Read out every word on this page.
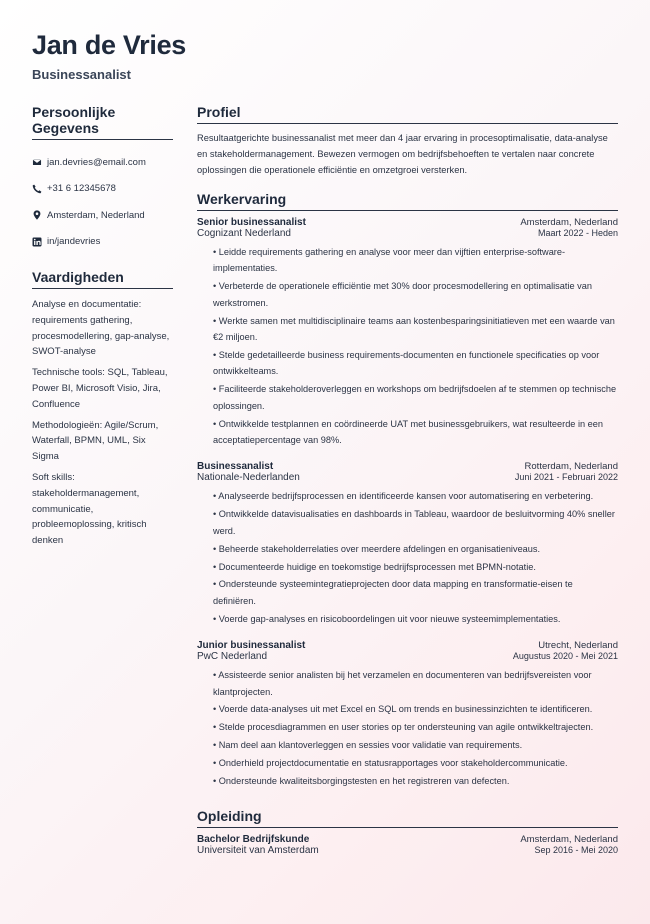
Jan de Vries
Businessanalist
Persoonlijke Gegevens
jan.devries@email.com
+31 6 12345678
Amsterdam, Nederland
in/jandevries
Vaardigheden
Analyse en documentatie: requirements gathering, procesmodellering, gap-analyse, SWOT-analyse
Technische tools: SQL, Tableau, Power BI, Microsoft Visio, Jira, Confluence
Methodologieën: Agile/Scrum, Waterfall, BPMN, UML, Six Sigma
Soft skills: stakeholdermanagement, communicatie, probleemoplossing, kritisch denken
Profiel
Resultaatgerichte businessanalist met meer dan 4 jaar ervaring in procesoptimalisatie, data-analyse en stakeholdermanagement. Bewezen vermogen om bedrijfsbehoeften te vertalen naar concrete oplossingen die operationele efficiëntie en omzetgroei versterken.
Werkervaring
Senior businessanalist	Amsterdam, Nederland
Cognizant Nederland	Maart 2022 - Heden
• Leidde requirements gathering en analyse voor meer dan vijftien enterprise-software-implementaties.
• Verbeterde de operationele efficiëntie met 30% door procesmodellering en optimalisatie van werkstromen.
• Werkte samen met multidisciplinaire teams aan kostenbesparingsinitiatieven met een waarde van €2 miljoen.
• Stelde gedetailleerde business requirements-documenten en functionele specificaties op voor ontwikkelteams.
• Faciliteerde stakeholderoverleggen en workshops om bedrijfsdoelen af te stemmen op technische oplossingen.
• Ontwikkelde testplannen en coördineerde UAT met businessgebruikers, wat resulteerde in een acceptatiepercentage van 98%.
Businessanalist	Rotterdam, Nederland
Nationale-Nederlanden	Juni 2021 - Februari 2022
• Analyseerde bedrijfsprocessen en identificeerde kansen voor automatisering en verbetering.
• Ontwikkelde datavisualisaties en dashboards in Tableau, waardoor de besluitvorming 40% sneller werd.
• Beheerde stakeholderrelaties over meerdere afdelingen en organisatieniveaus.
• Documenteerde huidige en toekomstige bedrijfsprocessen met BPMN-notatie.
• Ondersteunde systeemintegratieprojecten door data mapping en transformatie-eisen te definiëren.
• Voerde gap-analyses en risicoboordelingen uit voor nieuwe systeemimplementaties.
Junior businessanalist	Utrecht, Nederland
PwC Nederland	Augustus 2020 - Mei 2021
• Assisteerde senior analisten bij het verzamelen en documenteren van bedrijfsvereisten voor klantprojecten.
• Voerde data-analyses uit met Excel en SQL om trends en businessinzichten te identificeren.
• Stelde procesdiagrammen en user stories op ter ondersteuning van agile ontwikkeltrajecten.
• Nam deel aan klantoverleggen en sessies voor validatie van requirements.
• Onderhield projectdocumentatie en statusrapportages voor stakeholdercommunicatie.
• Ondersteunde kwaliteitsborgingstesten en het registreren van defecten.
Opleiding
Bachelor Bedrijfskunde	Amsterdam, Nederland
Universiteit van Amsterdam	Sep 2016 - Mei 2020
